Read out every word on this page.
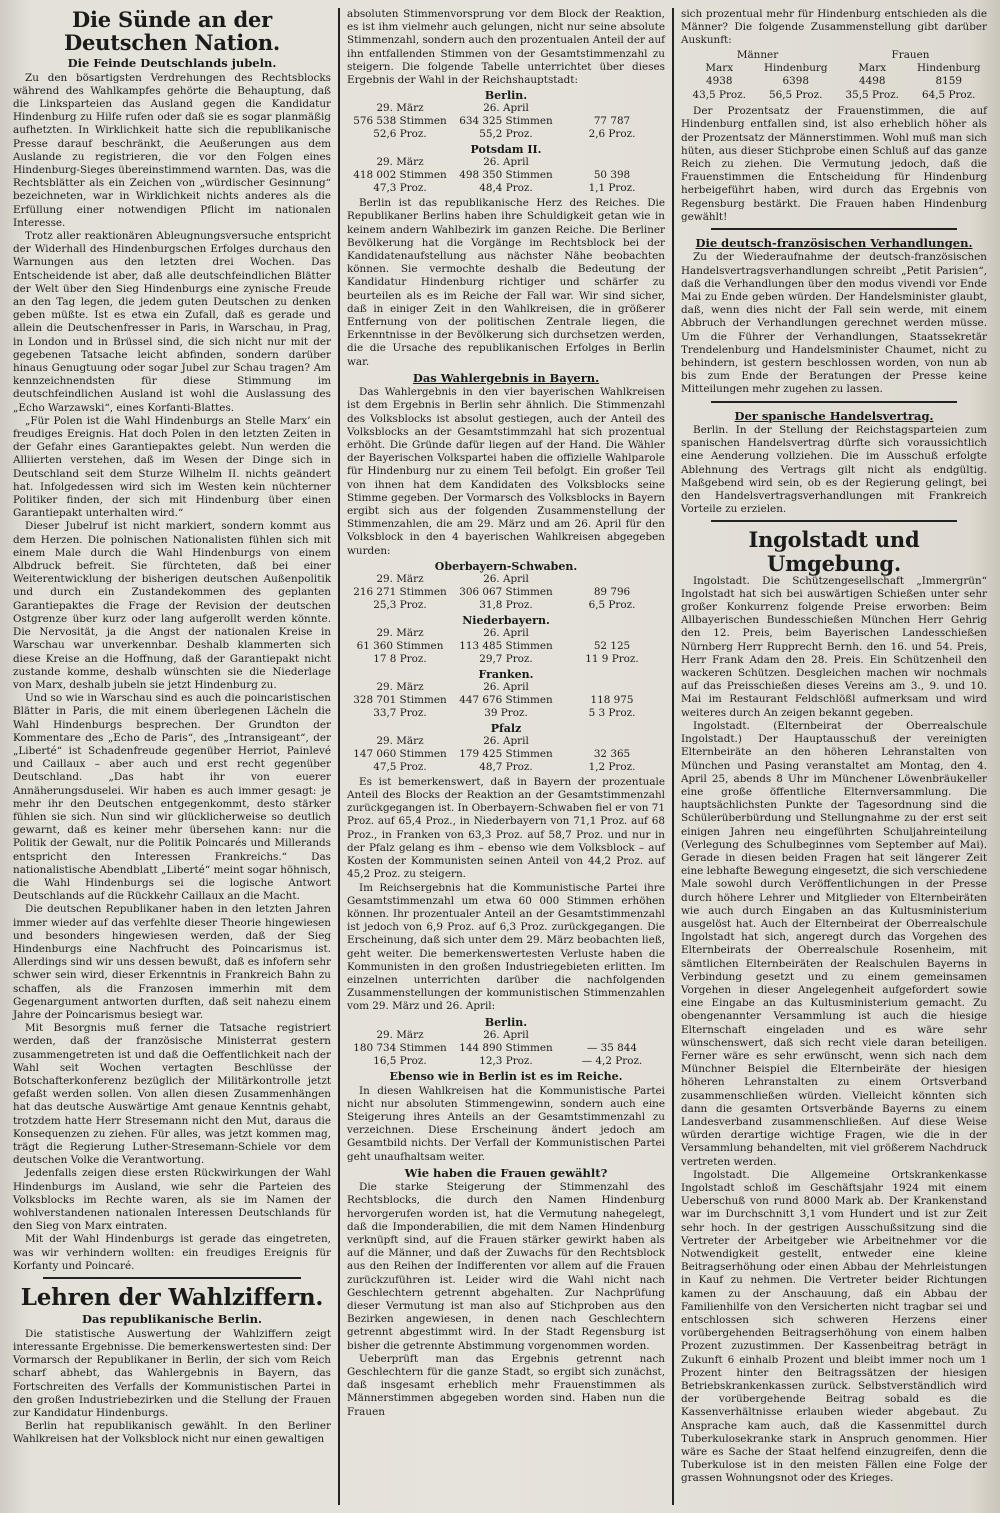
Die Sünde an der Deutschen Nation.
Die Feinde Deutschlands jubeln.

Zu den bösartigsten Verdrehungen des Rechtsblocks während des Wahlkampfes gehörte die Behauptung, daß die Linksparteien das Ausland gegen die Kandidatur Hindenburg zu Hilfe rufen oder daß sie es sogar planmäßig aufhetzten. In Wirklichkeit hatte sich die republikanische Presse darauf beschränkt, die Aeußerungen aus dem Auslande zu registrieren, die vor den Folgen eines Hindenburg-Sieges übereinstimmend warnten. Das, was die Rechtsblätter als ein Zeichen von „würdischer Gesinnung“ bezeichneten, war in Wirklichkeit nichts anderes als die Erfüllung einer notwendigen Pflicht im nationalen Interesse.

Trotz aller reaktionären Ableugnungsversuche entspricht der Widerhall des Hindenburgschen Erfolges durchaus den Warnungen aus den letzten drei Wochen. Das Entscheidende ist aber, daß alle deutschfeindlichen Blätter der Welt über den Sieg Hindenburgs eine zynische Freude an den Tag legen, die jedem guten Deutschen zu denken geben müßte. Ist es etwa ein Zufall, daß es gerade und allein die Deutschenfresser in Paris, in Warschau, in Prag, in London und in Brüssel sind, die sich nicht nur mit der gegebenen Tatsache leicht abfinden, sondern darüber hinaus Genugtuung oder sogar Jubel zur Schau tragen? Am kennzeichnendsten für diese Stimmung im deutschfeindlichen Ausland ist wohl die Auslassung des „Echo Warzawski“, eines Korfanti-Blattes.

„Für Polen ist die Wahl Hindenburgs an Stelle Marx’ ein freudiges Ereignis. Hat doch Polen in den letzten Zeiten in der Gefahr eines Garantiepaktes gelebt. Nun werden die Alliierten verstehen, daß im Wesen der Dinge sich in Deutschland seit dem Sturze Wilhelm II. nichts geändert hat. Infolgedessen wird sich im Westen kein nüchterner Politiker finden, der sich mit Hindenburg über einen Garantiepakt unterhalten wird.“

Dieser Jubelruf ist nicht markiert, sondern kommt aus dem Herzen. Die polnischen Nationalisten fühlen sich mit einem Male durch die Wahl Hindenburgs von einem Albdruck befreit. Sie fürchteten, daß bei einer Weiterentwicklung der bisherigen deutschen Außenpolitik und durch ein Zustandekommen des geplanten Garantiepaktes die Frage der Revision der deutschen Ostgrenze über kurz oder lang aufgerollt werden könnte. Die Nervosität, ja die Angst der nationalen Kreise in Warschau war unverkennbar. Deshalb klammerten sich diese Kreise an die Hoffnung, daß der Garantiepakt nicht zustande komme, deshalb wünschten sie die Niederlage von Marx, deshalb jubeln sie jetzt Hindenburg zu.

Und so wie in Warschau sind es auch die poincaristischen Blätter in Paris, die mit einem überlegenen Lächeln die Wahl Hindenburgs besprechen. Der Grundton der Kommentare des „Echo de Paris“, des „Intransigeant“, der „Liberté“ ist Schadenfreude gegenüber Herriot, Painlevé und Caillaux – aber auch und erst recht gegenüber Deutschland. „Das habt ihr von euerer Annäherungsduselei. Wir haben es auch immer gesagt: je mehr ihr den Deutschen entgegenkommt, desto stärker fühlen sie sich. Nun sind wir glücklicherweise so deutlich gewarnt, daß es keiner mehr übersehen kann: nur die Politik der Gewalt, nur die Politik Poincarés und Millerands entspricht den Interessen Frankreichs.“ Das nationalistische Abendblatt „Liberté“ meint sogar höhnisch, die Wahl Hindenburgs sei die logische Antwort Deutschlands auf die Rückkehr Caillaux an die Macht.

Die deutschen Republikaner haben in den letzten Jahren immer wieder auf das verfehlte dieser Theorie hingewiesen und besonders hingewiesen werden, daß der Sieg Hindenburgs eine Nachfrucht des Poincarismus ist. Allerdings sind wir uns dessen bewußt, daß es infofern sehr schwer sein wird, dieser Erkenntnis in Frankreich Bahn zu schaffen, als die Franzosen immerhin mit dem Gegenargument antworten durften, daß seit nahezu einem Jahre der Poincarismus besiegt war.

Mit Besorgnis muß ferner die Tatsache registriert werden, daß der französische Ministerrat gestern zusammengetreten ist und daß die Oeffentlichkeit nach der Wahl seit Wochen vertagten Beschlüsse der Botschafterkonferenz bezüglich der Militärkontrolle jetzt gefaßt werden sollen. Von allen diesen Zusammenhängen hat das deutsche Auswärtige Amt genaue Kenntnis gehabt, trotzdem hatte Herr Stresemann nicht den Mut, daraus die Konsequenzen zu ziehen. Für alles, was jetzt kommen mag, trägt die Regierung Luther-Stresemann-Schiele vor dem deutschen Volke die Verantwortung.

Jedenfalls zeigen diese ersten Rückwirkungen der Wahl Hindenburgs im Ausland, wie sehr die Parteien des Volksblocks im Rechte waren, als sie im Namen der wohlverstandenen nationalen Interessen Deutschlands für den Sieg von Marx eintraten.

Mit der Wahl Hindenburgs ist gerade das eingetreten, was wir verhindern wollten: ein freudiges Ereignis für Korfanty und Poincaré.

Lehren der Wahlziffern.
Das republikanische Berlin.

Die statistische Auswertung der Wahlziffern zeigt interessante Ergebnisse. Die bemerkenswertesten sind: Der Vormarsch der Republikaner in Berlin, der sich vom Reich scharf abhebt, das Wahlergebnis in Bayern, das Fortschreiten des Verfalls der Kommunistischen Partei in den großen Industriebezirken und die Stellung der Frauen zur Kandidatur Hindenburgs.

Berlin hat republikanisch gewählt. In den Berliner Wahlkreisen hat der Volksblock nicht nur einen gewaltigen

absoluten Stimmenvorsprung vor dem Block der Reaktion, es ist ihm vielmehr auch gelungen, nicht nur seine absolute Stimmenzahl, sondern auch den prozentualen Anteil der auf ihn entfallenden Stimmen von der Gesamtstimmenzahl zu steigern. Die folgende Tabelle unterrichtet über dieses Ergebnis der Wahl in der Reichshauptstadt:

Berlin.
29. März	26. April
576 538 Stimmen	634 325 Stimmen	77 787
52,6 Proz.	55,2 Proz.	2,6 Proz.
Potsdam II.
29. März	26. April
418 002 Stimmen	498 350 Stimmen	50 398
47,3 Proz.	48,4 Proz.	1,1 Proz.

Berlin ist das republikanische Herz des Reiches. Die Republikaner Berlins haben ihre Schuldigkeit getan wie in keinem andern Wahlbezirk im ganzen Reiche. Die Berliner Bevölkerung hat die Vorgänge im Rechtsblock bei der Kandidatenaufstellung aus nächster Nähe beobachten können. Sie vermochte deshalb die Bedeutung der Kandidatur Hindenburg richtiger und schärfer zu beurteilen als es im Reiche der Fall war. Wir sind sicher, daß in einiger Zeit in den Wahlkreisen, die in größerer Entfernung von der politischen Zentrale liegen, die Erkenntnisse in der Bevölkerung sich durchsetzen werden, die die Ursache des republikanischen Erfolges in Berlin war.

Das Wahlergebnis in Bayern.

Das Wahlergebnis in den vier bayerischen Wahlkreisen ist dem Ergebnis in Berlin sehr ähnlich. Die Stimmenzahl des Volksblocks ist absolut gestiegen, auch der Anteil des Volksblocks an der Gesamtstimmzahl hat sich prozentual erhöht. Die Gründe dafür liegen auf der Hand. Die Wähler der Bayerischen Volkspartei haben die offizielle Wahlparole für Hindenburg nur zu einem Teil befolgt. Ein großer Teil von ihnen hat dem Kandidaten des Volksblocks seine Stimme gegeben. Der Vormarsch des Volksblocks in Bayern ergibt sich aus der folgenden Zusammenstellung der Stimmenzahlen, die am 29. März und am 26. April für den Volksblock in den 4 bayerischen Wahlkreisen abgegeben wurden:

Oberbayern-Schwaben.
29. März	26. April
216 271 Stimmen	306 067 Stimmen	89 796
25,3 Proz.	31,8 Proz.	6,5 Proz.
Niederbayern.
29. März	26. April
61 360 Stimmen	113 485 Stimmen	52 125
17 8 Proz.	29,7 Proz.	11 9 Proz.
Franken.
29. März	26. April
328 701 Stimmen	447 676 Stimmen	118 975
33,7 Proz.	39 Proz.	5 3 Proz.
Pfalz
29. März	26. April
147 060 Stimmen	179 425 Stimmen	32 365
47,5 Proz.	48,7 Proz.	1,2 Proz.

Es ist bemerkenswert, daß in Bayern der prozentuale Anteil des Blocks der Reaktion an der Gesamtstimmenzahl zurückgegangen ist. In Oberbayern-Schwaben fiel er von 71 Proz. auf 65,4 Proz., in Niederbayern von 71,1 Proz. auf 68 Proz., in Franken von 63,3 Proz. auf 58,7 Proz. und nur in der Pfalz gelang es ihm – ebenso wie dem Volksblock – auf Kosten der Kommunisten seinen Anteil von 44,2 Proz. auf 45,2 Proz. zu steigern.

Im Reichsergebnis hat die Kommunistische Partei ihre Gesamtstimmenzahl um etwa 60 000 Stimmen erhöhen können. Ihr prozentualer Anteil an der Gesamtstimmenzahl ist jedoch von 6,9 Proz. auf 6,3 Proz. zurückgegangen. Die Erscheinung, daß sich unter dem 29. März beobachten ließ, geht weiter. Die bemerkenswertesten Verluste haben die Kommunisten in den großen Industriegebieten erlitten. Im einzelnen unterrichten darüber die nachfolgenden Zusammenstellungen der kommunistischen Stimmenzahlen vom 29. März und 26. April:

Berlin.
29. März	26. April
180 734 Stimmen	144 890 Stimmen	— 35 844
16,5 Proz.	12,3 Proz.	— 4,2 Proz.
Ebenso wie in Berlin ist es im Reiche.

In diesen Wahlkreisen hat die Kommunistische Partei nicht nur absoluten Stimmengewinn, sondern auch eine Steigerung ihres Anteils an der Gesamtstimmenzahl zu verzeichnen. Diese Erscheinung ändert jedoch am Gesamtbild nichts. Der Verfall der Kommunistischen Partei geht unaufhaltsam weiter.

Wie haben die Frauen gewählt?

Die starke Steigerung der Stimmenzahl des Rechtsblocks, die durch den Namen Hindenburg hervorgerufen worden ist, hat die Vermutung nahegelegt, daß die Imponderabilien, die mit dem Namen Hindenburg verknüpft sind, auf die Frauen stärker gewirkt haben als auf die Männer, und daß der Zuwachs für den Rechtsblock aus den Reihen der Indifferenten vor allem auf die Frauen zurückzuführen ist. Leider wird die Wahl nicht nach Geschlechtern getrennt abgehalten. Zur Nachprüfung dieser Vermutung ist man also auf Stichproben aus den Bezirken angewiesen, in denen nach Geschlechtern getrennt abgestimmt wird. In der Stadt Regensburg ist bisher die getrennte Abstimmung vorgenommen worden.

Ueberprüft man das Ergebnis getrennt nach Geschlechtern für die ganze Stadt, so ergibt sich zunächst, daß insgesamt erheblich mehr Frauenstimmen als Männerstimmen abgegeben worden sind. Haben nun die Frauen

sich prozentual mehr für Hindenburg entschieden als die Männer? Die folgende Zusammenstellung gibt darüber Auskunft:

Männer	Frauen
Marx	Hindenburg	Marx	Hindenburg
4938	6398	4498	8159
43,5 Proz.	56,5 Proz.	35,5 Proz.	64,5 Proz.

Der Prozentsatz der Frauenstimmen, die auf Hindenburg entfallen sind, ist also erheblich höher als der Prozentsatz der Männerstimmen. Wohl muß man sich hüten, aus dieser Stichprobe einen Schluß auf das ganze Reich zu ziehen. Die Vermutung jedoch, daß die Frauenstimmen die Entscheidung für Hindenburg herbeigeführt haben, wird durch das Ergebnis von Regensburg bestärkt. Die Frauen haben Hindenburg gewählt!

Die deutsch-französischen Verhandlungen.

Zu der Wiederaufnahme der deutsch-französischen Handelsvertragsverhandlungen schreibt „Petit Parisien“, daß die Verhandlungen über den modus vivendi vor Ende Mai zu Ende geben würden. Der Handelsminister glaubt, daß, wenn dies nicht der Fall sein werde, mit einem Abbruch der Verhandlungen gerechnet werden müsse. Um die Führer der Verhandlungen, Staatssekretär Trendelenburg und Handelsminister Chaumet, nicht zu behindern, ist gestern beschlossen worden, von nun ab bis zum Ende der Beratungen der Presse keine Mitteilungen mehr zugehen zu lassen.

Der spanische Handelsvertrag.

Berlin. In der Stellung der Reichstagsparteien zum spanischen Handelsvertrag dürfte sich voraussichtlich eine Aenderung vollziehen. Die im Ausschuß erfolgte Ablehnung des Vertrags gilt nicht als endgültig. Maßgebend wird sein, ob es der Regierung gelingt, bei den Handelsvertragsverhandlungen mit Frankreich Vorteile zu erzielen.

Ingolstadt und Umgebung.

Ingolstadt. Die Schützengesellschaft „Immergrün“ Ingolstadt hat sich bei auswärtigen Schießen unter sehr großer Konkurrenz folgende Preise erworben: Beim Allbayerischen Bundesschießen München Herr Gehrig den 12. Preis, beim Bayerischen Landesschießen Nürnberg Herr Rupprecht Bernh. den 16. und 54. Preis, Herr Frank Adam den 28. Preis. Ein Schützenheil den wackeren Schützen. Desgleichen machen wir nochmals auf das Preisschießen dieses Vereins am 3., 9. und 10. Mai im Restaurant Feldschlößl aufmerksam und wird weiteres durch An zeigen bekannt gegeben.

Ingolstadt. (Elternbeirat der Oberrealschule Ingolstadt.) Der Hauptausschuß der vereinigten Elternbeiräte an den höheren Lehranstalten von München und Pasing veranstaltet am Montag, den 4. April 25, abends 8 Uhr im Münchener Löwenbräukeller eine große öffentliche Elternversammlung. Die hauptsächlichsten Punkte der Tagesordnung sind die Schülerüberbürdung und Stellungnahme zu der erst seit einigen Jahren neu eingeführten Schuljahreinteilung (Verlegung des Schulbeginnes vom September auf Mai). Gerade in diesen beiden Fragen hat seit längerer Zeit eine lebhafte Bewegung eingesetzt, die sich verschiedene Male sowohl durch Veröffentlichungen in der Presse durch höhere Lehrer und Mitglieder von Elternbeiräten wie auch durch Eingaben an das Kultusministerium ausgelöst hat. Auch der Elternbeirat der Oberrealschule Ingolstadt hat sich, angeregt durch das Vorgehen des Elternbeirats der Oberrealschule Rosenheim, mit sämtlichen Elternbeiräten der Realschulen Bayerns in Verbindung gesetzt und zu einem gemeinsamen Vorgehen in dieser Angelegenheit aufgefordert sowie eine Eingabe an das Kultusministerium gemacht. Zu obengenannter Versammlung ist auch die hiesige Elternschaft eingeladen und es wäre sehr wünschenswert, daß sich recht viele daran beteiligen. Ferner wäre es sehr erwünscht, wenn sich nach dem Münchner Beispiel die Elternbeiräte der hiesigen höheren Lehranstalten zu einem Ortsverband zusammenschließen würden. Vielleicht könnten sich dann die gesamten Ortsverbände Bayerns zu einem Landesverband zusammenschließen. Auf diese Weise würden derartige wichtige Fragen, wie die in der Versammlung behandelten, mit viel größerem Nachdruck vertreten werden.

Ingolstadt. Die Allgemeine Ortskrankenkasse Ingolstadt schloß im Geschäftsjahr 1924 mit einem Ueberschuß von rund 8000 Mark ab. Der Krankenstand war im Durchschnitt 3,1 vom Hundert und ist zur Zeit sehr hoch. In der gestrigen Ausschußsitzung sind die Vertreter der Arbeitgeber wie Arbeitnehmer vor die Notwendigkeit gestellt, entweder eine kleine Beitragserhöhung oder einen Abbau der Mehrleistungen in Kauf zu nehmen. Die Vertreter beider Richtungen kamen zu der Anschauung, daß ein Abbau der Familienhilfe von den Versicherten nicht tragbar sei und entschlossen sich schweren Herzens einer vorübergehenden Beitragserhöhung von einem halben Prozent zuzustimmen. Der Kassenbeitrag beträgt in Zukunft 6 einhalb Prozent und bleibt immer noch um 1 Prozent hinter den Beitragssätzen der hiesigen Betriebskrankenkassen zurück. Selbstverständlich wird der vorübergehende Beitrag sobald es die Kassenverhältnisse erlauben wieder abgebaut. Zu Ansprache kam auch, daß die Kassenmittel durch Tuberkulosekranke stark in Anspruch genommen. Hier wäre es Sache der Staat helfend einzugreifen, denn die Tuberkulose ist in den meisten Fällen eine Folge der grassen Wohnungsnot oder des Krieges.
